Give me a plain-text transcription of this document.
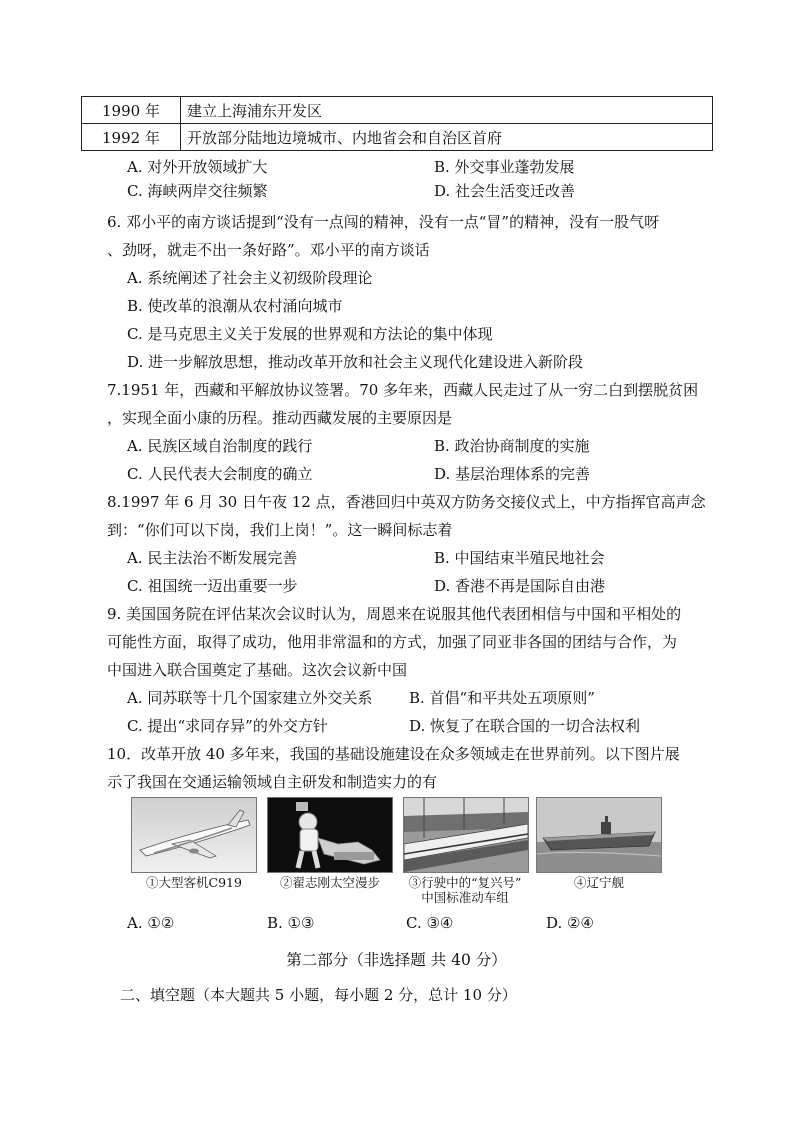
1990 年	建立上海浦东开发区
1992 年	开放部分陆地边境城市、内地省会和自治区首府
A. 对外开放领域扩大	B. 外交事业蓬勃发展
C. 海峡两岸交往频繁	D. 社会生活变迁改善
6. 邓小平的南方谈话提到“没有一点闯的精神，没有一点“冒”的精神，没有一股气呀
、劲呀，就走不出一条好路”。邓小平的南方谈话
A. 系统阐述了社会主义初级阶段理论
B. 使改革的浪潮从农村涌向城市
C. 是马克思主义关于发展的世界观和方法论的集中体现
D. 进一步解放思想，推动改革开放和社会主义现代化建设进入新阶段
7.1951 年，西藏和平解放协议签署。70 多年来，西藏人民走过了从一穷二白到摆脱贫困
，实现全面小康的历程。推动西藏发展的主要原因是
A. 民族区域自治制度的践行	B. 政治协商制度的实施
C. 人民代表大会制度的确立	D. 基层治理体系的完善
8.1997 年 6 月 30 日午夜 12 点，香港回归中英双方防务交接仪式上，中方指挥官高声念
到：“你们可以下岗，我们上岗！”。这一瞬间标志着
A. 民主法治不断发展完善	B. 中国结束半殖民地社会
C. 祖国统一迈出重要一步	D. 香港不再是国际自由港
9. 美国国务院在评估某次会议时认为，周恩来在说服其他代表团相信与中国和平相处的
可能性方面，取得了成功，他用非常温和的方式，加强了同亚非各国的团结与合作，为
中国进入联合国奠定了基础。这次会议新中国
A. 同苏联等十几个国家建立外交关系 B. 首倡“和平共处五项原则”
C. 提出“求同存异”的外交方针	D. 恢复了在联合国的一切合法权利
10．改革开放 40 多年来，我国的基础设施建设在众多领域走在世界前列。以下图片展
示了我国在交通运输领域自主研发和制造实力的有
①大型客机C919	②翟志刚太空漫步	③行驶中的“复兴号”
中国标准动车组
④辽宁舰
A. ①②	B. ①③	C. ③④	D. ②④
第二部分（非选择题 共 40 分）
二、填空题（本大题共 5 小题，每小题 2 分，总计 10 分）
